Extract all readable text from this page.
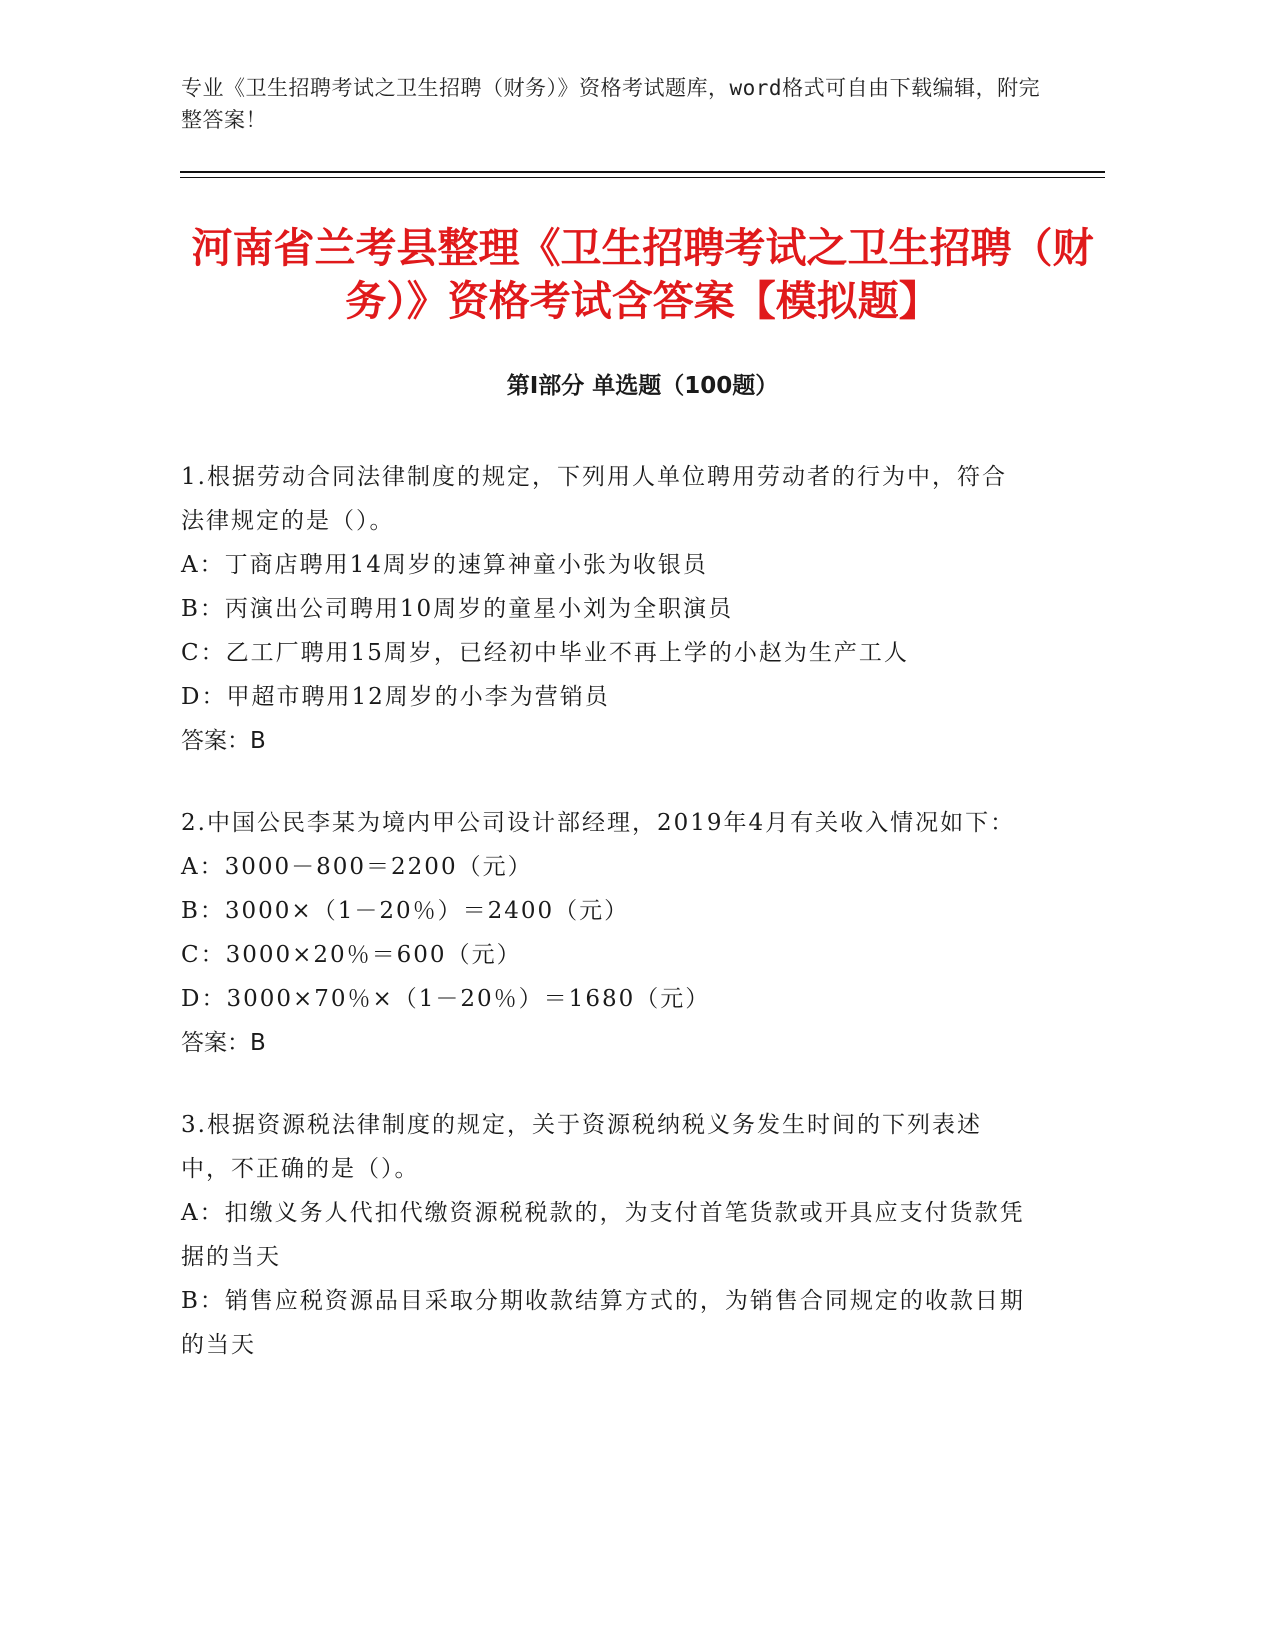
专业《卫生招聘考试之卫生招聘（财务）》资格考试题库，word格式可自由下载编辑，附完整答案！
河南省兰考县整理《卫生招聘考试之卫生招聘（财务）》资格考试含答案【模拟题】
第Ⅰ部分 单选题（100题）

1.根据劳动合同法律制度的规定，下列用人单位聘用劳动者的行为中，符合法律规定的是（）。

A：丁商店聘用14周岁的速算神童小张为收银员

B：丙演出公司聘用10周岁的童星小刘为全职演员

C：乙工厂聘用15周岁，已经初中毕业不再上学的小赵为生产工人

D：甲超市聘用12周岁的小李为营销员

答案：B

2.中国公民李某为境内甲公司设计部经理，2019年4月有关收入情况如下：

A：3000－800＝2200（元）

B：3000×（1－20％）＝2400（元）

C：3000×20％＝600（元）

D：3000×70％×（1－20％）＝1680（元）

答案：B

3.根据资源税法律制度的规定，关于资源税纳税义务发生时间的下列表述中，不正确的是（）。

A：扣缴义务人代扣代缴资源税税款的，为支付首笔货款或开具应支付货款凭据的当天

B：销售应税资源品目采取分期收款结算方式的，为销售合同规定的收款日期的当天
